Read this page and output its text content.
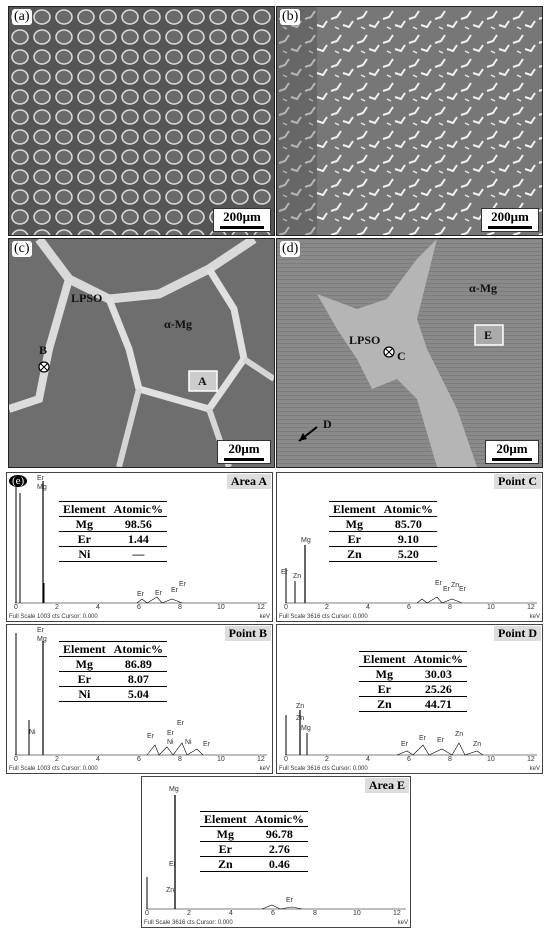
(a)
200μm
(b)
200μm
(c)
LPSO
α-Mg
B
A
20μm
(d)
α-Mg
LPSO
C
E
D
20μm
(e)	Area A
Element	Atomic%
Mg	98.56
Er	1.44
Ni	—
Er
Mg
Er Er Er
Er
0	2	4	6	8	10	12
Full Scale 1003 cts Cursor: 0.000	keV
Point C
Element	Atomic%
Mg	85.70
Er	9.10
Zn	5.20
Mg
Er
Zn
Er
Er
Zn
Er
0	2	4	6	8	10	12
Full Scale 3616 cts Cursor: 0.000	keV
Point B
Element	Atomic%
Mg	86.89
Er	8.07
Ni	5.04
Er
Mg
Ni
Er Er
Ni
Er
Ni Er
0	2	4	6	8	10	12
Full Scale 1003 cts Cursor: 0.000	keV
Point D
Element	Atomic%
Mg	30.03
Er	25.26
Zn	44.71
Zn
Zn
Mg
Er
Er Er
Zn
Zn
0	2	4	6	8	10	12
Full Scale 3616 cts Cursor: 0.000	keV
Area E
Element	Atomic%
Mg	96.78
Er	2.76
Zn	0.46
Mg
Er
Zn
Er
0	2	4	6	8	10	12
Full Scale 3616 cts Cursor: 0.000	keV
